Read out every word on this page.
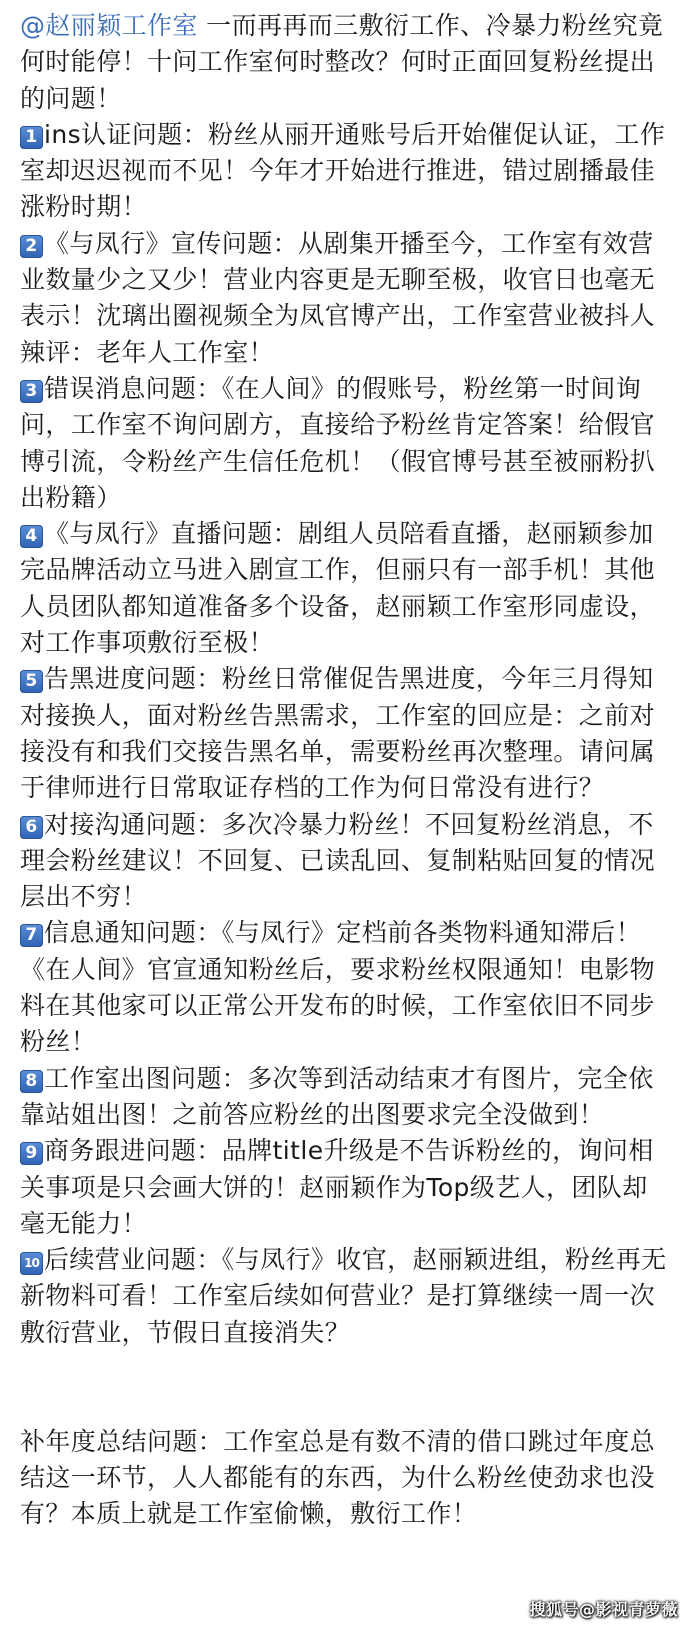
@赵丽颖工作室 一而再再而三敷衍工作、冷暴力粉丝究竟何时能停！十问工作室何时整改？何时正面回复粉丝提出的问题！
1 ins认证问题：粉丝从丽开通账号后开始催促认证，工作室却迟迟视而不见！今年才开始进行推进，错过剧播最佳涨粉时期！
2 《与凤行》宣传问题：从剧集开播至今，工作室有效营业数量少之又少！营业内容更是无聊至极，收官日也毫无表示！沈璃出圈视频全为凤官博产出，工作室营业被抖人辣评：老年人工作室！
3 错误消息问题：《在人间》的假账号，粉丝第一时间询问，工作室不询问剧方，直接给予粉丝肯定答案！给假官博引流，令粉丝产生信任危机！（假官博号甚至被丽粉扒出粉籍）
4 《与凤行》直播问题：剧组人员陪看直播，赵丽颖参加完品牌活动立马进入剧宣工作，但丽只有一部手机！其他人员团队都知道准备多个设备，赵丽颖工作室形同虚设，对工作事项敷衍至极！
5 告黑进度问题：粉丝日常催促告黑进度，今年三月得知对接换人，面对粉丝告黑需求，工作室的回应是：之前对接没有和我们交接告黑名单，需要粉丝再次整理。请问属于律师进行日常取证存档的工作为何日常没有进行？
6 对接沟通问题：多次冷暴力粉丝！不回复粉丝消息，不理会粉丝建议！不回复、已读乱回、复制粘贴回复的情况层出不穷！
7 信息通知问题：《与凤行》定档前各类物料通知滞后！《在人间》官宣通知粉丝后，要求粉丝权限通知！电影物料在其他家可以正常公开发布的时候，工作室依旧不同步粉丝！
8 工作室出图问题：多次等到活动结束才有图片，完全依靠站姐出图！之前答应粉丝的出图要求完全没做到！
9 商务跟进问题：品牌title升级是不告诉粉丝的，询问相关事项是只会画大饼的！赵丽颖作为Top级艺人，团队却毫无能力！
10 后续营业问题：《与凤行》收官，赵丽颖进组，粉丝再无新物料可看！工作室后续如何营业？是打算继续一周一次敷衍营业，节假日直接消失？
补年度总结问题：工作室总是有数不清的借口跳过年度总结这一环节，人人都能有的东西，为什么粉丝使劲求也没有？本质上就是工作室偷懒，敷衍工作！
搜狐号@影视青萝薇
